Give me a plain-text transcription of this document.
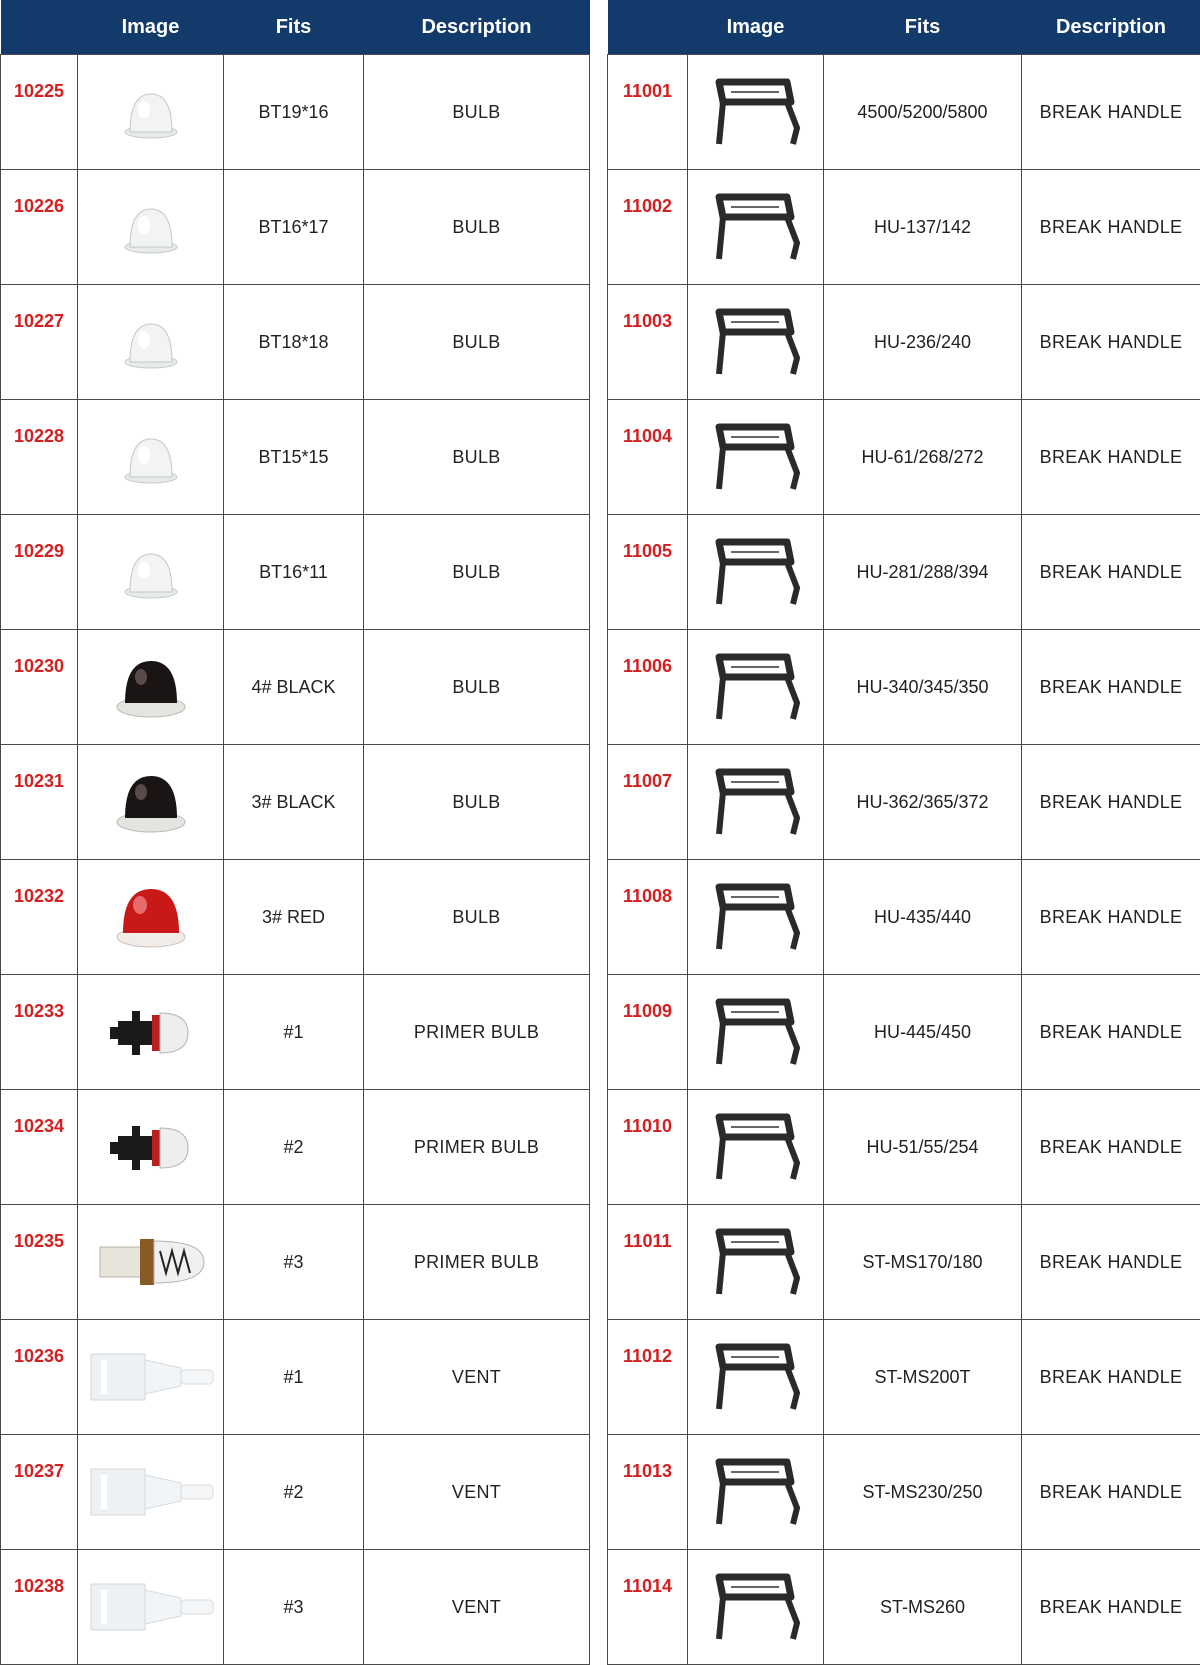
	Image	Fits	Description
10225		BT19*16	BULB
10226		BT16*17	BULB
10227		BT18*18	BULB
10228		BT15*15	BULB
10229		BT16*11	BULB
10230		4# BLACK	BULB
10231		3# BLACK	BULB
10232		3# RED	BULB
10233		#1	PRIMER BULB
10234		#2	PRIMER BULB
10235		#3	PRIMER BULB
10236		#1	VENT
10237		#2	VENT
10238		#3	VENT
	Image	Fits	Description
11001		4500/5200/5800	BREAK HANDLE
11002		HU-137/142	BREAK HANDLE
11003		HU-236/240	BREAK HANDLE
11004		HU-61/268/272	BREAK HANDLE
11005		HU-281/288/394	BREAK HANDLE
11006		HU-340/345/350	BREAK HANDLE
11007		HU-362/365/372	BREAK HANDLE
11008		HU-435/440	BREAK HANDLE
11009		HU-445/450	BREAK HANDLE
11010		HU-51/55/254	BREAK HANDLE
11011		ST-MS170/180	BREAK HANDLE
11012		ST-MS200T	BREAK HANDLE
11013		ST-MS230/250	BREAK HANDLE
11014		ST-MS260	BREAK HANDLE
